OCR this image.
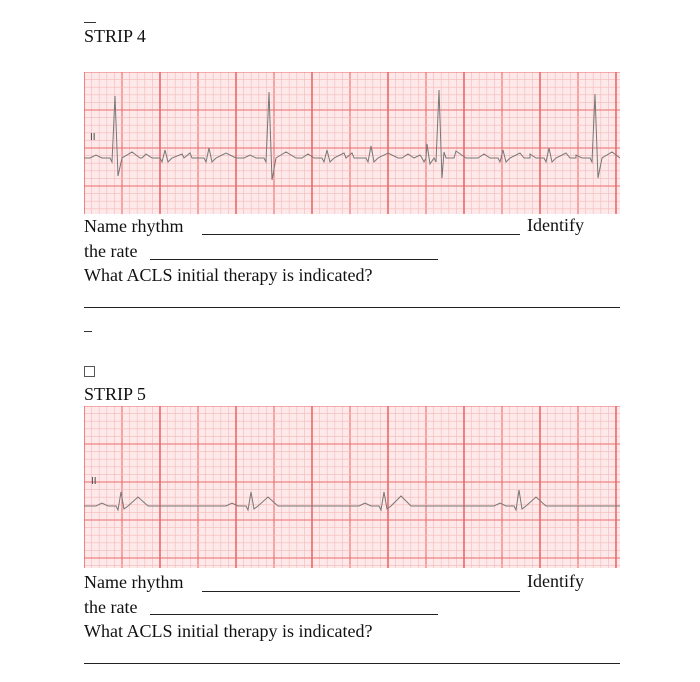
STRIP 4
II
Name rhythm	Identify
the rate
What ACLS initial therapy is indicated?
STRIP 5
II
Name rhythm	Identify
the rate
What ACLS initial therapy is indicated?
